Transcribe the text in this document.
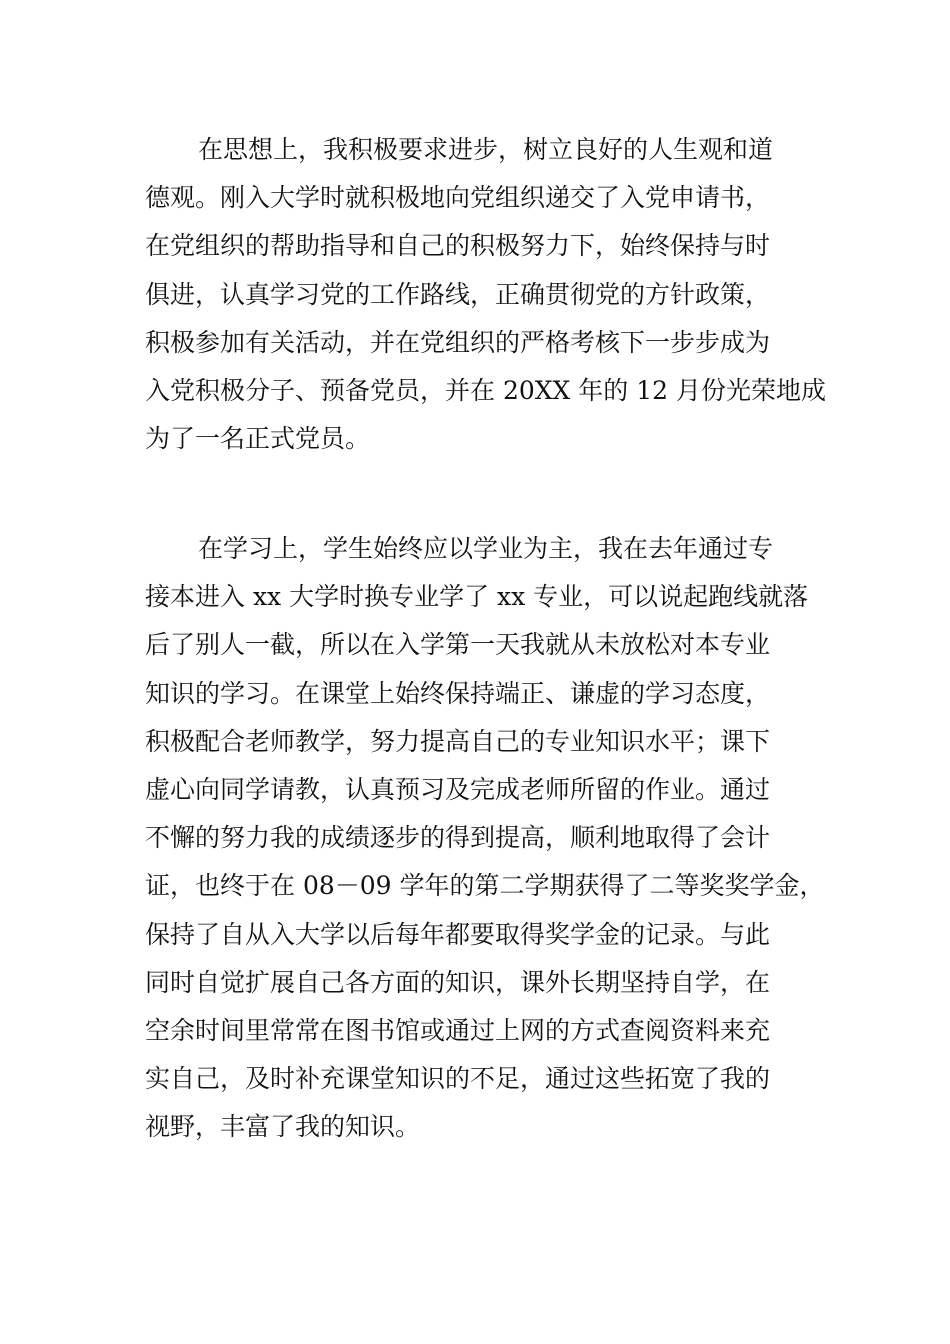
在思想上，我积极要求进步，树立良好的人生观和道
德观。刚入大学时就积极地向党组织递交了入党申请书，
在党组织的帮助指导和自己的积极努力下，始终保持与时
俱进，认真学习党的工作路线，正确贯彻党的方针政策，
积极参加有关活动，并在党组织的严格考核下一步步成为
入党积极分子、预备党员，并在 20XX 年的 12 月份光荣地成
为了一名正式党员。
在学习上，学生始终应以学业为主，我在去年通过专
接本进入 xx 大学时换专业学了 xx 专业，可以说起跑线就落
后了别人一截，所以在入学第一天我就从未放松对本专业
知识的学习。在课堂上始终保持端正、谦虚的学习态度，
积极配合老师教学，努力提高自己的专业知识水平；课下
虚心向同学请教，认真预习及完成老师所留的作业。通过
不懈的努力我的成绩逐步的得到提高，顺利地取得了会计
证，也终于在 08－09 学年的第二学期获得了二等奖奖学金，
保持了自从入大学以后每年都要取得奖学金的记录。与此
同时自觉扩展自己各方面的知识，课外长期坚持自学，在
空余时间里常常在图书馆或通过上网的方式查阅资料来充
实自己，及时补充课堂知识的不足，通过这些拓宽了我的
视野，丰富了我的知识。
